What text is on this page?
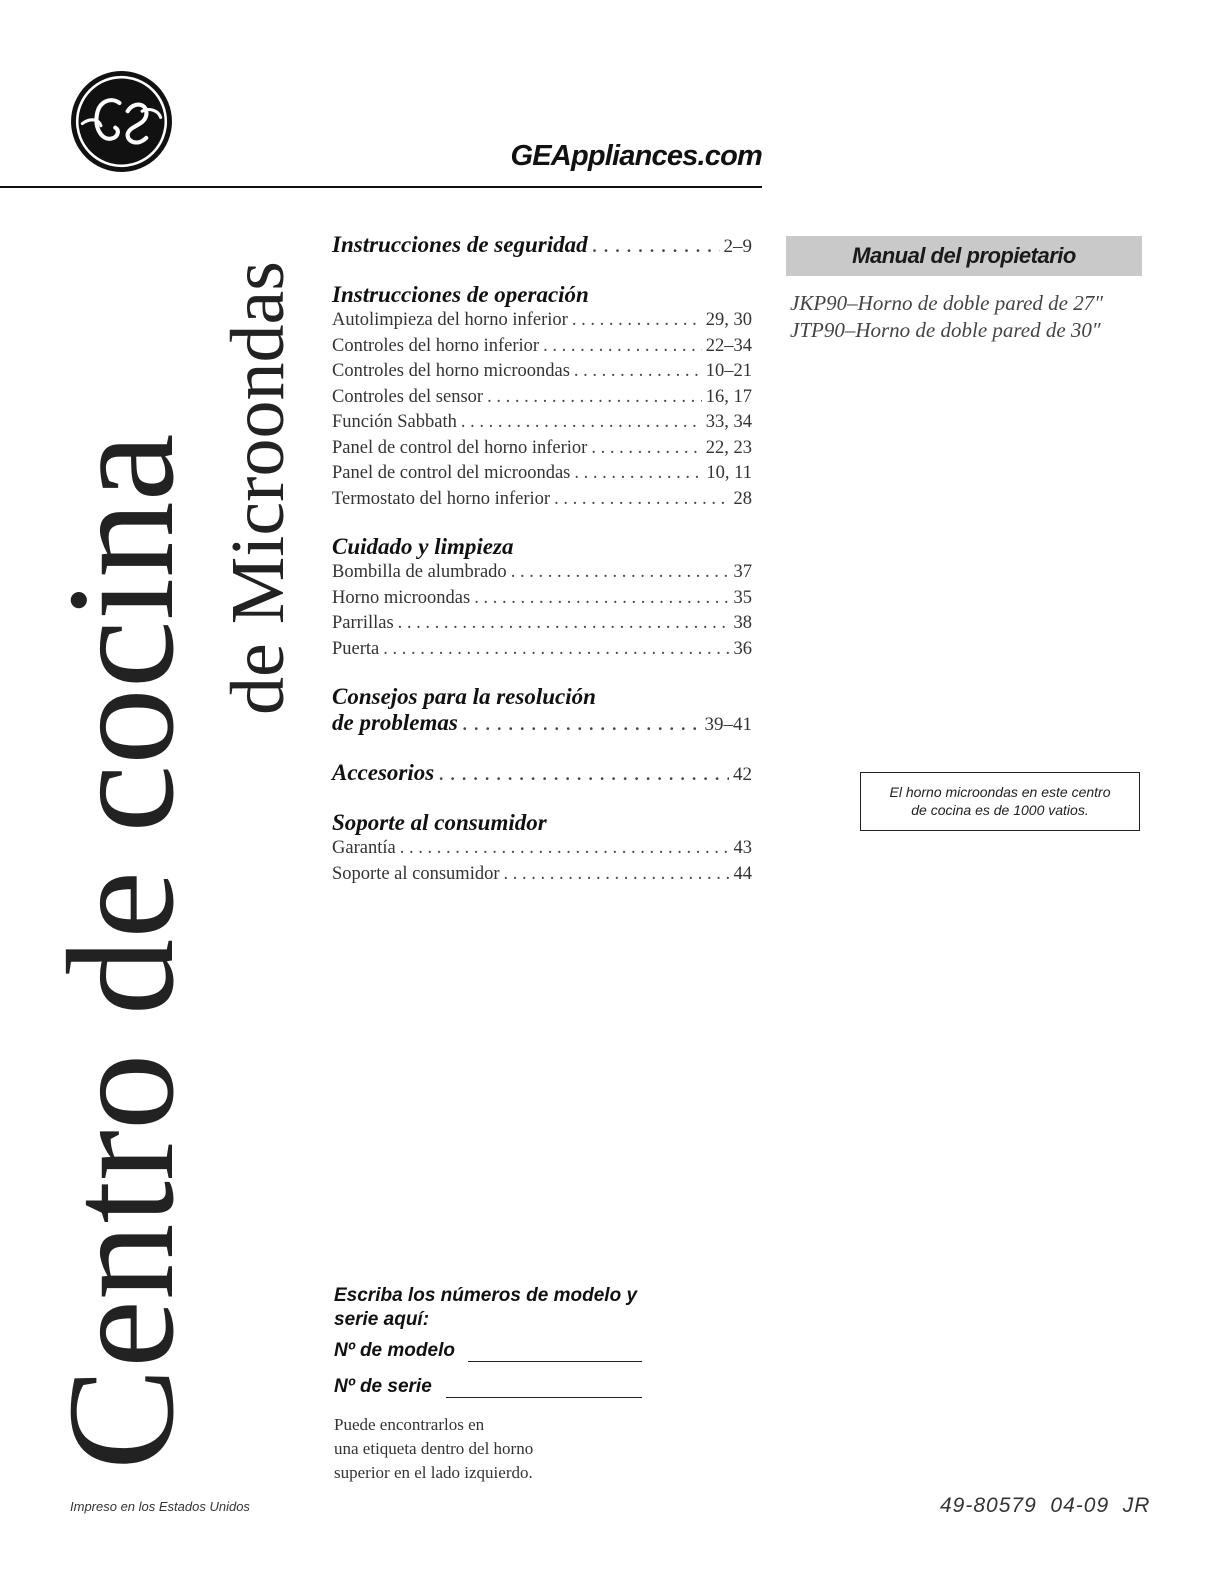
GEAppliances.com
Centro de cocina de Microondas
Instrucciones de seguridad . . .	2–9
Instrucciones de operación
Autolimpieza del horno inferior . . .	29, 30
Controles del horno inferior . . .	22–34
Controles del horno microondas . . .	10–21
Controles del sensor . . .	16, 17
Función Sabbath . . .	33, 34
Panel de control del horno inferior . . .	22, 23
Panel de control del microondas . . .	10, 11
Termostato del horno inferior . . .	28
Cuidado y limpieza
Bombilla de alumbrado . . .	37
Horno microondas . . .	35
Parrillas . . .	38
Puerta . . .	36
Consejos para la resolución
de problemas . . .	39–41
Accesorios . . .	42
Soporte al consumidor
Garantía . . .	43
Soporte al consumidor . . .	44
Manual del propietario
JKP90–Horno de doble pared de 27″
JTP90–Horno de doble pared de 30″
El horno microondas en este centro
de cocina es de 1000 vatios.
Escriba los números de modelo y
serie aquí:
Nº de modelo
Nº de serie
Puede encontrarlos en
una etiqueta dentro del horno
superior en el lado izquierdo.
Impreso en los Estados Unidos	49-80579  04-09  JR
